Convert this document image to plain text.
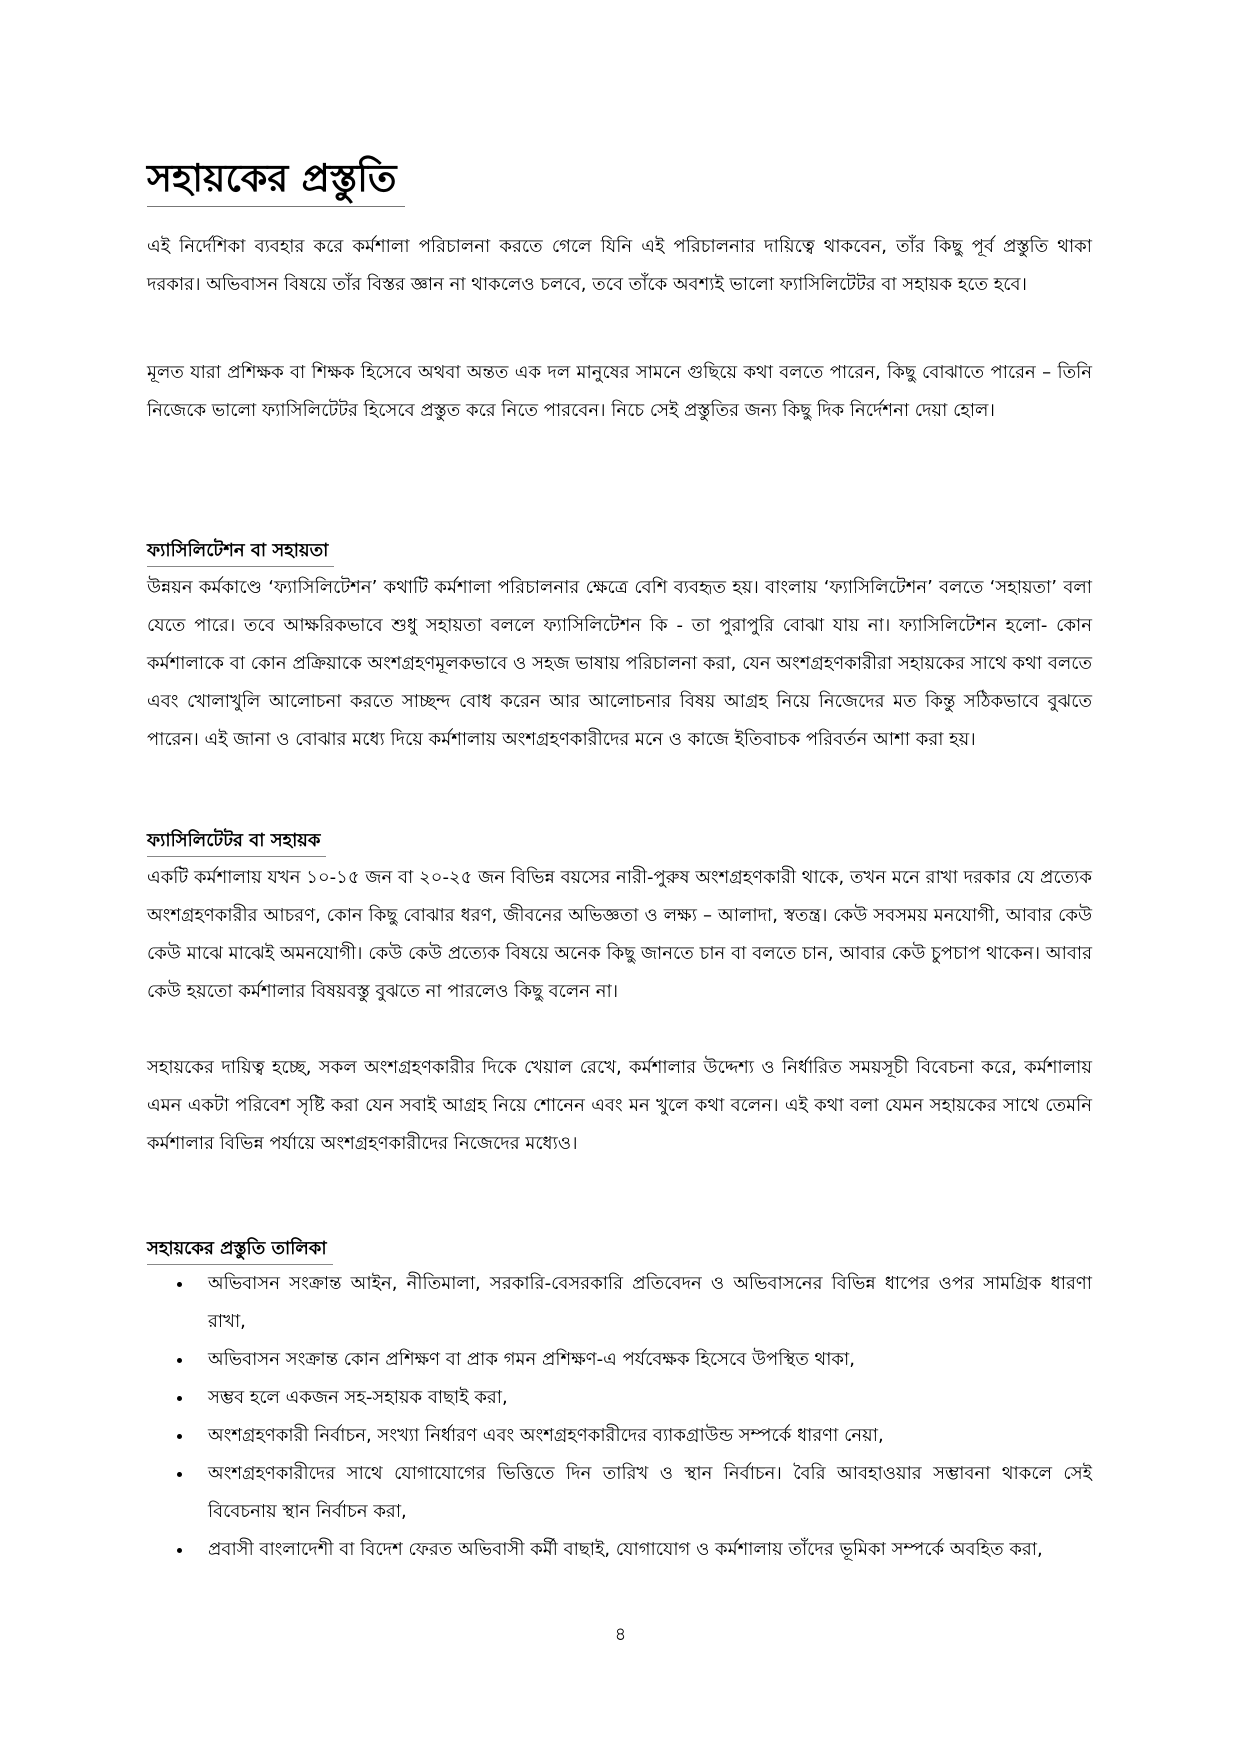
সহায়কের প্রস্তুতি

এই নির্দেশিকা ব্যবহার করে কর্মশালা পরিচালনা করতে গেলে যিনি এই পরিচালনার দায়িত্বে থাকবেন, তাঁর কিছু পূর্ব প্রস্তুতি থাকা দরকার। অভিবাসন বিষয়ে তাঁর বিস্তর জ্ঞান না থাকলেও চলবে, তবে তাঁকে অবশ্যই ভালো ফ্যাসিলিটেটর বা সহায়ক হতে হবে।

মূলত যারা প্রশিক্ষক বা শিক্ষক হিসেবে অথবা অন্তত এক দল মানুষের সামনে গুছিয়ে কথা বলতে পারেন, কিছু বোঝাতে পারেন – তিনি নিজেকে ভালো ফ্যাসিলিটেটর হিসেবে প্রস্তুত করে নিতে পারবেন। নিচে সেই প্রস্তুতির জন্য কিছু দিক নির্দেশনা দেয়া হোল।

ফ্যাসিলিটেশন বা সহায়তা

উন্নয়ন কর্মকাণ্ডে ‘ফ্যাসিলিটেশন’ কথাটি কর্মশালা পরিচালনার ক্ষেত্রে বেশি ব্যবহৃত হয়। বাংলায় ‘ফ্যাসিলিটেশন’ বলতে ‘সহায়তা’ বলা যেতে পারে। তবে আক্ষরিকভাবে শুধু সহায়তা বললে ফ্যাসিলিটেশন কি - তা পুরাপুরি বোঝা যায় না। ফ্যাসিলিটেশন হলো- কোন কর্মশালাকে বা কোন প্রক্রিয়াকে অংশগ্রহণমূলকভাবে ও সহজ ভাষায় পরিচালনা করা, যেন অংশগ্রহণকারীরা সহায়কের সাথে কথা বলতে এবং খোলাখুলি আলোচনা করতে সাচ্ছন্দ বোধ করেন আর আলোচনার বিষয় আগ্রহ নিয়ে নিজেদের মত কিন্তু সঠিকভাবে বুঝতে পারেন। এই জানা ও বোঝার মধ্যে দিয়ে কর্মশালায় অংশগ্রহণকারীদের মনে ও কাজে ইতিবাচক পরিবর্তন আশা করা হয়।

ফ্যাসিলিটেটর বা সহায়ক

একটি কর্মশালায় যখন ১০-১৫ জন বা ২০-২৫ জন বিভিন্ন বয়সের নারী-পুরুষ অংশগ্রহণকারী থাকে, তখন মনে রাখা দরকার যে প্রত্যেক অংশগ্রহণকারীর আচরণ, কোন কিছু বোঝার ধরণ, জীবনের অভিজ্ঞতা ও লক্ষ্য – আলাদা, স্বতন্ত্র। কেউ সবসময় মনযোগী, আবার কেউ কেউ মাঝে মাঝেই অমনযোগী। কেউ কেউ প্রত্যেক বিষয়ে অনেক কিছু জানতে চান বা বলতে চান, আবার কেউ চুপচাপ থাকেন। আবার কেউ হয়তো কর্মশালার বিষয়বস্তু বুঝতে না পারলেও কিছু বলেন না।

সহায়কের দায়িত্ব হচ্ছে, সকল অংশগ্রহণকারীর দিকে খেয়াল রেখে, কর্মশালার উদ্দেশ্য ও নির্ধারিত সময়সূচী বিবেচনা করে, কর্মশালায় এমন একটা পরিবেশ সৃষ্টি করা যেন সবাই আগ্রহ নিয়ে শোনেন এবং মন খুলে কথা বলেন। এই কথা বলা যেমন সহায়কের সাথে তেমনি কর্মশালার বিভিন্ন পর্যায়ে অংশগ্রহণকারীদের নিজেদের মধ্যেও।

সহায়কের প্রস্তুতি তালিকা
• অভিবাসন সংক্রান্ত আইন, নীতিমালা, সরকারি-বেসরকারি প্রতিবেদন ও অভিবাসনের বিভিন্ন ধাপের ওপর সামগ্রিক ধারণা রাখা,
• অভিবাসন সংক্রান্ত কোন প্রশিক্ষণ বা প্রাক গমন প্রশিক্ষণ-এ পর্যবেক্ষক হিসেবে উপস্থিত থাকা,
• সম্ভব হলে একজন সহ-সহায়ক বাছাই করা,
• অংশগ্রহণকারী নির্বাচন, সংখ্যা নির্ধারণ এবং অংশগ্রহণকারীদের ব্যাকগ্রাউন্ড সম্পর্কে ধারণা নেয়া,
• অংশগ্রহণকারীদের সাথে যোগাযোগের ভিত্তিতে দিন তারিখ ও স্থান নির্বাচন। বৈরি আবহাওয়ার সম্ভাবনা থাকলে সেই বিবেচনায় স্থান নির্বাচন করা,
• প্রবাসী বাংলাদেশী বা বিদেশ ফেরত অভিবাসী কর্মী বাছাই, যোগাযোগ ও কর্মশালায় তাঁদের ভূমিকা সম্পর্কে অবহিত করা,
৪
